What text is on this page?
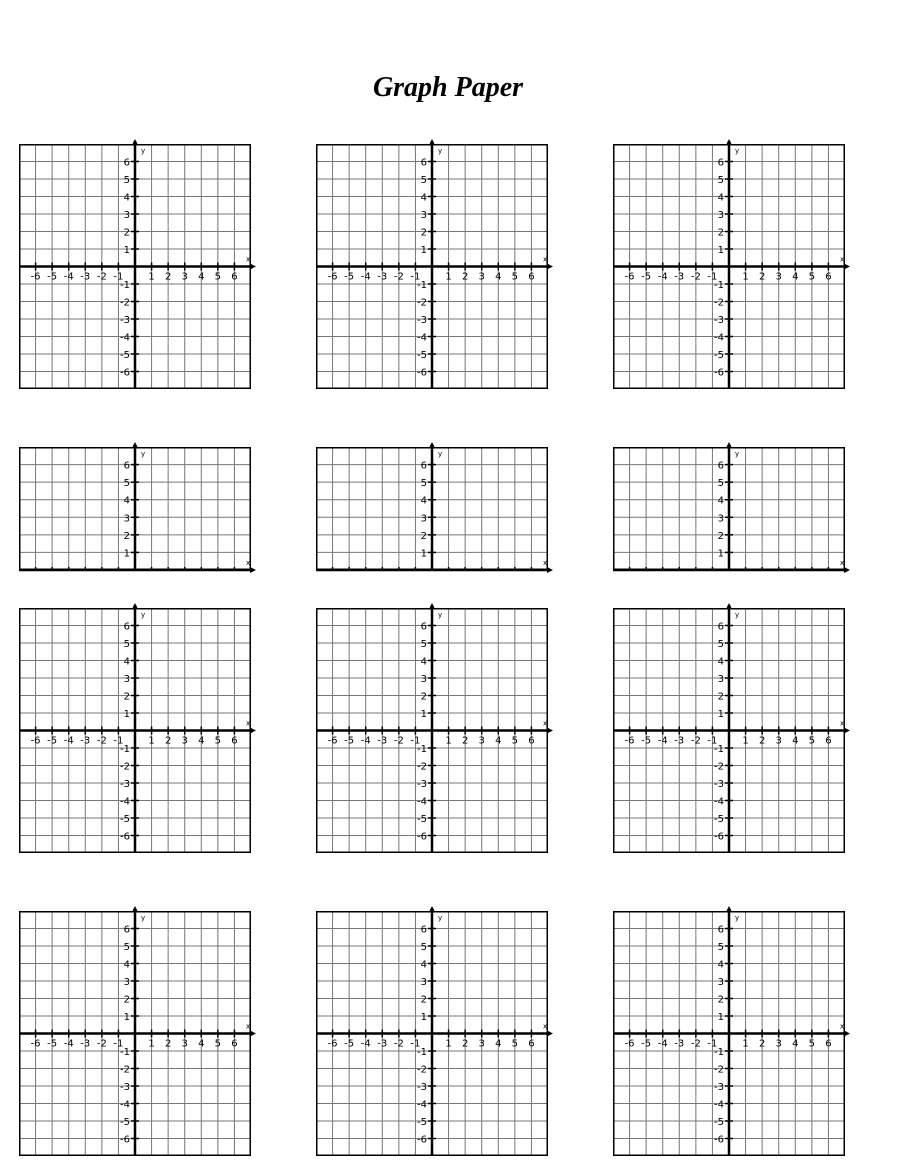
Graph Paper
y
x
-6 -5 -4 -3 -2 -1 1 2 3 4 5 6
6
5
4
3
2
1
-1
-2
-3
-4
-5
-6
y
x
-6 -5 -4 -3 -2 -1 1 2 3 4 5 6
6
5
4
3
2
1
-1
-2
-3
-4
-5
-6
y
x
-6 -5 -4 -3 -2 -1 1 2 3 4 5 6
6
5
4
3
2
1
-1
-2
-3
-4
-5
-6
y
x
6
5
4
3
2
1
y
x
6
5
4
3
2
1
y
x
6
5
4
3
2
1
y
x
-6 -5 -4 -3 -2 -1 1 2 3 4 5 6
6
5
4
3
2
1
-1
-2
-3
-4
-5
-6
y
x
-6 -5 -4 -3 -2 -1 1 2 3 4 5 6
6
5
4
3
2
1
-1
-2
-3
-4
-5
-6
y
x
-6 -5 -4 -3 -2 -1 1 2 3 4 5 6
6
5
4
3
2
1
-1
-2
-3
-4
-5
-6
y
x
-6 -5 -4 -3 -2 -1 1 2 3 4 5 6
6
5
4
3
2
1
-1
-2
-3
-4
-5
-6
y
x
-6 -5 -4 -3 -2 -1 1 2 3 4 5 6
6
5
4
3
2
1
-1
-2
-3
-4
-5
-6
y
x
-6 -5 -4 -3 -2 -1 1 2 3 4 5 6
6
5
4
3
2
1
-1
-2
-3
-4
-5
-6
